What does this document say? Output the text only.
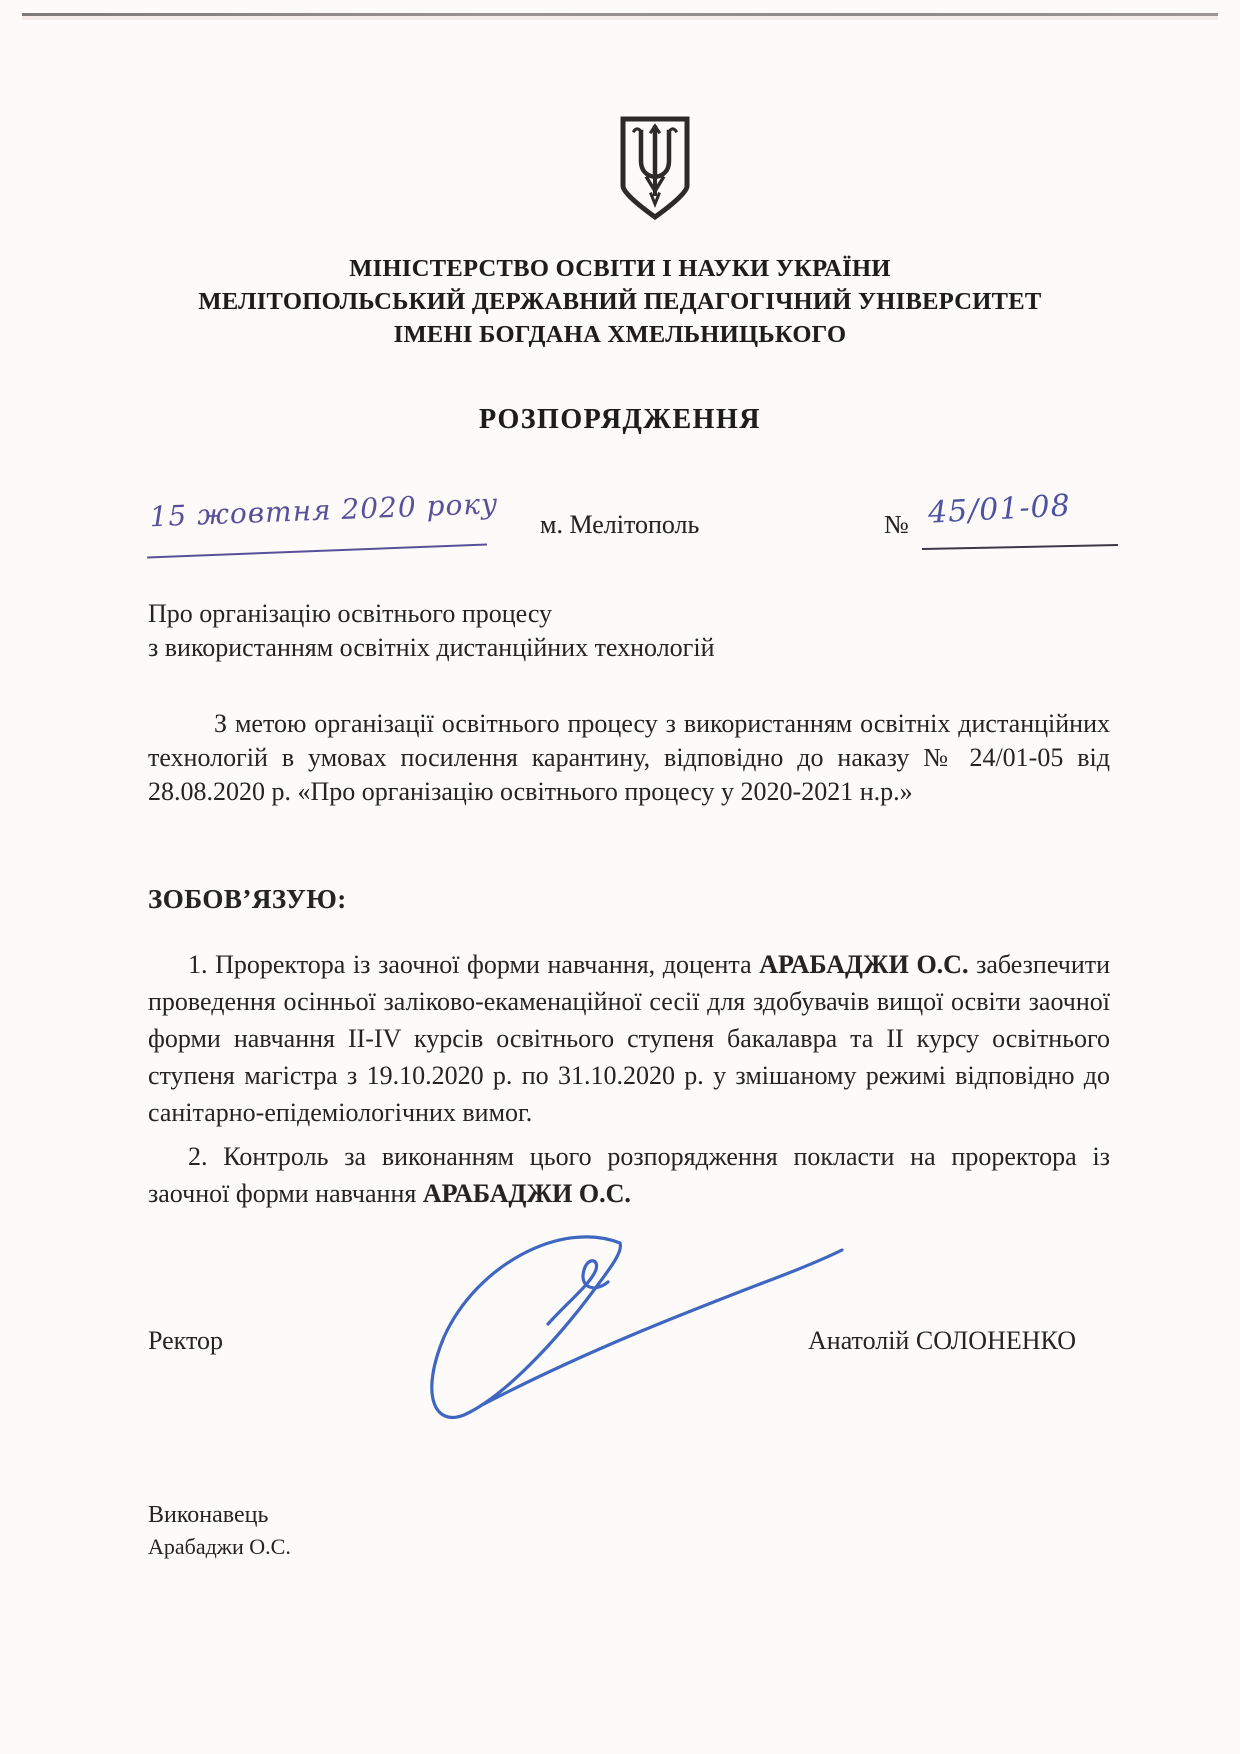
МІНІСТЕРСТВО ОСВІТИ І НАУКИ УКРАЇНИ
МЕЛІТОПОЛЬСЬКИЙ ДЕРЖАВНИЙ ПЕДАГОГІЧНИЙ УНІВЕРСИТЕТ
ІМЕНІ БОГДАНА ХМЕЛЬНИЦЬКОГО
РОЗПОРЯДЖЕННЯ
15 жовтня 2020 року м. Мелітополь	№ 45/01-08
Про організацію освітнього процесу
з використанням освітніх дистанційних технологій
З метою організації освітнього процесу з використанням освітніх дистанційних технологій в умовах посилення карантину, відповідно до наказу № 24/01-05 від 28.08.2020 р. «Про організацію освітнього процесу у 2020-2021 н.р.»
ЗОБОВ’ЯЗУЮ:
1. Проректора із заочної форми навчання, доцента АРАБАДЖИ О.С. забезпечити проведення осінньої заліково-екаменаційної сесії для здобувачів вищої освіти заочної форми навчання II-IV курсів освітнього ступеня бакалавра та II курсу освітнього ступеня магістра з 19.10.2020 р. по 31.10.2020 р. у змішаному режимі відповідно до санітарно-епідеміологічних вимог.
2. Контроль за виконанням цього розпорядження покласти на проректора із заочної форми навчання АРАБАДЖИ О.С.
Ректор	Анатолій СОЛОНЕНКО
Виконавець
Арабаджи О.С.
